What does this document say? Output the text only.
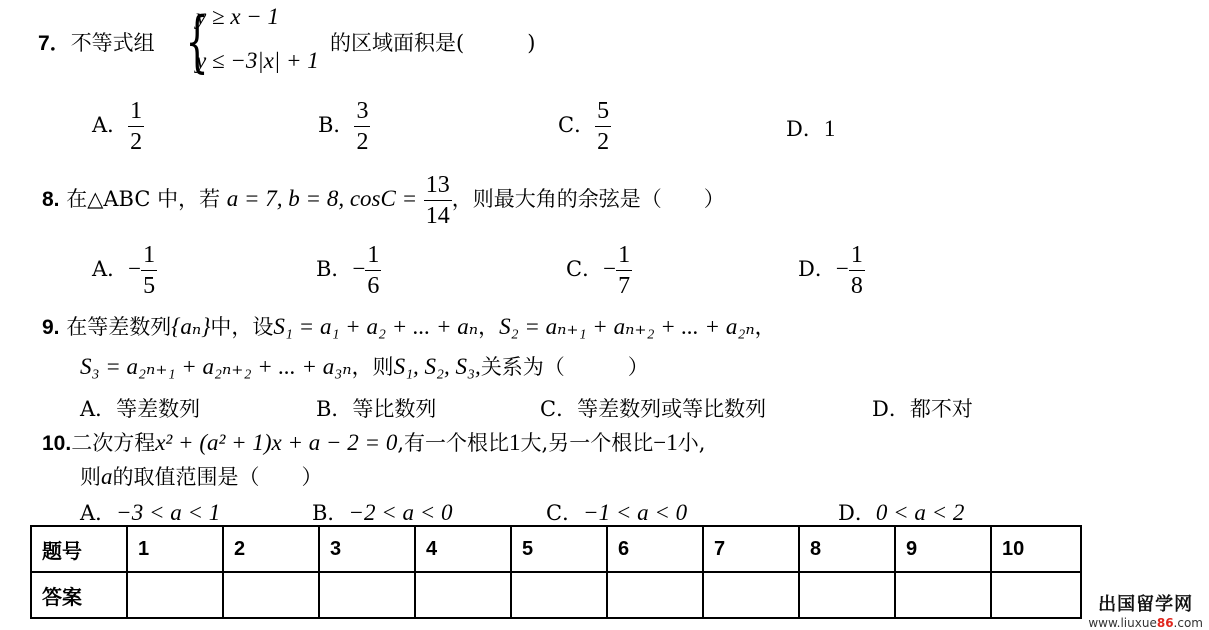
7．不等式组 {
y ≥ x − 1
y ≤ −3|x| + 1
的区域面积是(　　　)
A． $\frac{1}{2}$	B． $\frac{3}{2}$	C． $\frac{5}{2}$	D．1
8. 在△ABC 中，若 a = 7, b = 8, $\cos C = \frac{13}{14}$ ，则最大角的余弦是（　　）
A．− $\frac{1}{5}$	B．− $\frac{1}{6}$	C．− $\frac{1}{7}$	D．− $\frac{1}{8}$
9. 在等差数列{aₙ}中，设S₁ = a₁ + a₂ + ... + aₙ，S₂ = aₙ₊₁ + aₙ₊₂ + ... + a₂ₙ，
S₃ = a₂ₙ₊₁ + a₂ₙ₊₂ + ... + a₃ₙ，则S₁, S₂, S₃,关系为（　　　）
A．等差数列	B．等比数列	C．等差数列或等比数列	D．都不对
10.二次方程x² + (a² + 1)x + a − 2 = 0,有一个根比1大,另一个根比−1小,
则a的取值范围是（　　）
A．−3 < a < 1	B．−2 < a < 0	C．−1 < a < 0	D．0 < a < 2
题号	1	2	3	4	5	6	7	8	9	10
答案											出国留学网
www.liuxue86.com
